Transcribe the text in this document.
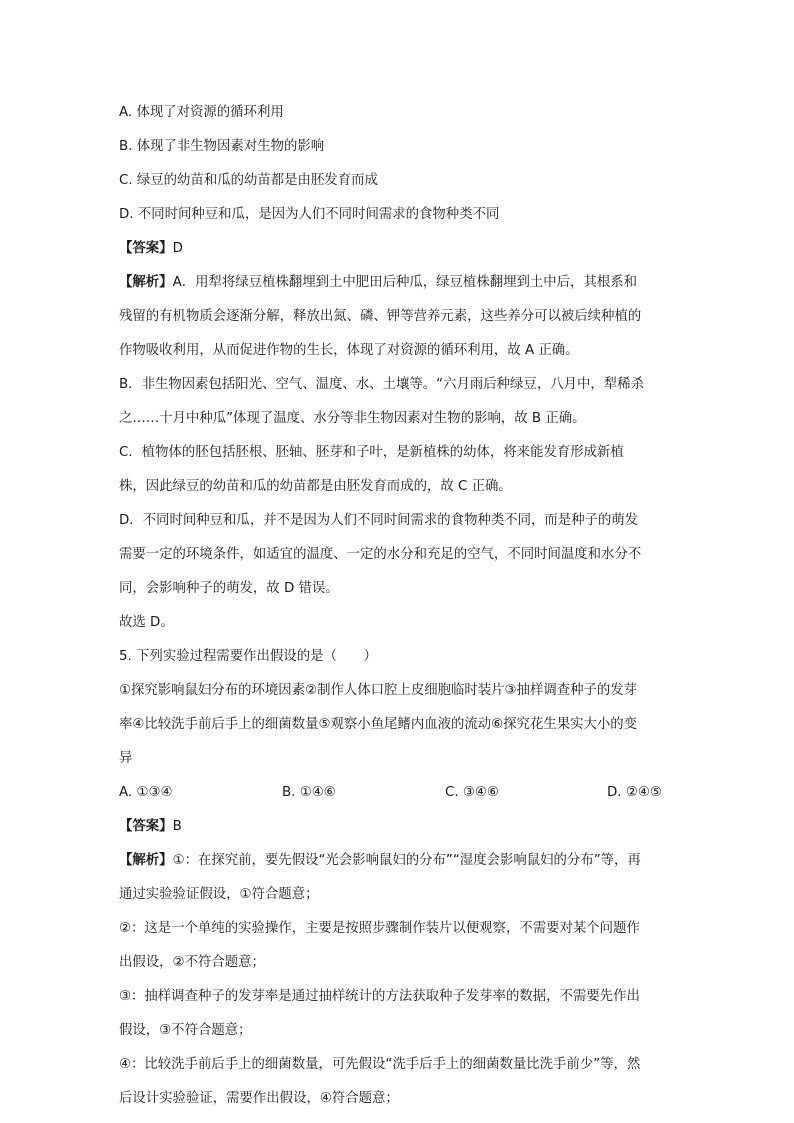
A. 体现了对资源的循环利用
B. 体现了非生物因素对生物的影响
C. 绿豆的幼苗和瓜的幼苗都是由胚发育而成
D. 不同时间种豆和瓜，是因为人们不同时间需求的食物种类不同
【答案】D
【解析】A．用犁将绿豆植株翻埋到土中肥田后种瓜，绿豆植株翻埋到土中后，其根系和
残留的有机物质会逐渐分解，释放出氮、磷、钾等营养元素，这些养分可以被后续种植的
作物吸收利用，从而促进作物的生长，体现了对资源的循环利用，故 A 正确。
B．非生物因素包括阳光、空气、温度、水、土壤等。“六月雨后种绿豆，八月中，犁稀杀
之……十月中种瓜”体现了温度、水分等非生物因素对生物的影响，故 B 正确。
C．植物体的胚包括胚根、胚轴、胚芽和子叶，是新植株的幼体，将来能发育形成新植
株，因此绿豆的幼苗和瓜的幼苗都是由胚发育而成的，故 C 正确。
D．不同时间种豆和瓜，并不是因为人们不同时间需求的食物种类不同，而是种子的萌发
需要一定的环境条件，如适宜的温度、一定的水分和充足的空气，不同时间温度和水分不
同，会影响种子的萌发，故 D 错误。
故选 D。
5. 下列实验过程需要作出假设的是（　　）
①探究影响鼠妇分布的环境因素②制作人体口腔上皮细胞临时装片③抽样调查种子的发芽
率④比较洗手前后手上的细菌数量⑤观察小鱼尾鳍内血液的流动⑥探究花生果实大小的变
异
A. ①③④	B. ①④⑥	C. ③④⑥	D. ②④⑤
【答案】B
【解析】①：在探究前，要先假设“光会影响鼠妇的分布”“湿度会影响鼠妇的分布”等，再
通过实验验证假设，①符合题意；
②：这是一个单纯的实验操作，主要是按照步骤制作装片以便观察，不需要对某个问题作
出假设，②不符合题意；
③：抽样调查种子的发芽率是通过抽样统计的方法获取种子发芽率的数据，不需要先作出
假设，③不符合题意；
④：比较洗手前后手上的细菌数量，可先假设“洗手后手上的细菌数量比洗手前少”等，然
后设计实验验证，需要作出假设，④符合题意；
